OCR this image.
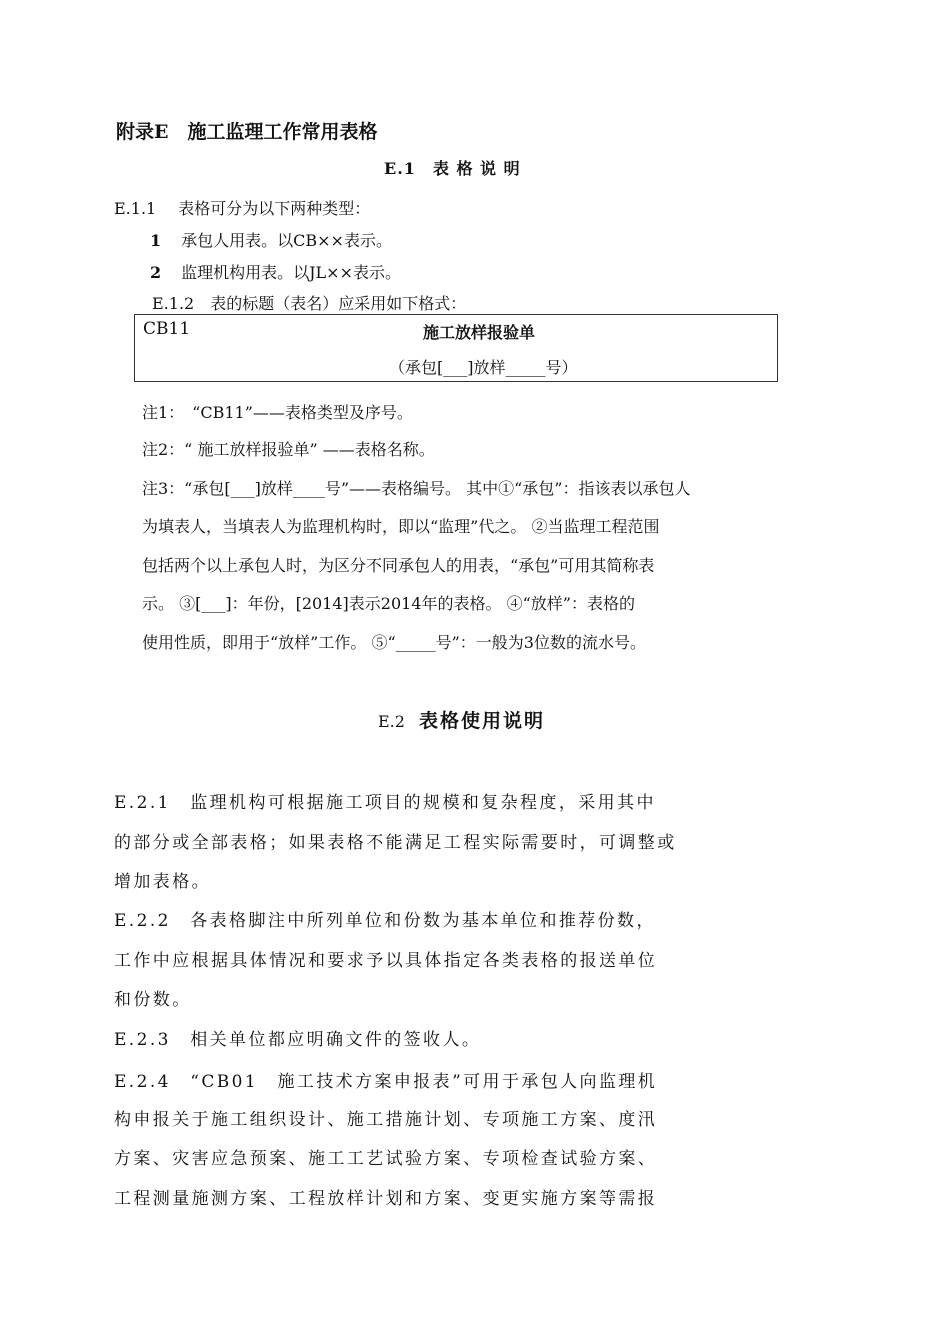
附录E　施工监理工作常用表格
E.1　表 格 说 明
E.1.1 表格可分为以下两种类型：
1 承包人用表。以CB××表示。
2 监理机构用表。以JL××表示。
E.1.2 表的标题（表名）应采用如下格式：
CB11	施工放样报验单
（承包[___]放样_____号）
注1：　“CB11”——表格类型及序号。
注2：“ 施工放样报验单” ——表格名称。
注3：“承包[___]放样____号”——表格编号。 其中①“承包”：指该表以承包人
为填表人，当填表人为监理机构时，即以“监理”代之。 ②当监理工程范围
包括两个以上承包人时，为区分不同承包人的用表，“承包”可用其简称表
示。 ③[___]：年份，[2014]表示2014年的表格。 ④“放样”：表格的
使用性质，即用于“放样”工作。 ⑤“_____号”：一般为3位数的流水号。
E.2 表格使用说明
E.2.1　监理机构可根据施工项目的规模和复杂程度，采用其中
的部分或全部表格；如果表格不能满足工程实际需要时，可调整或
增加表格。
E.2.2　各表格脚注中所列单位和份数为基本单位和推荐份数，
工作中应根据具体情况和要求予以具体指定各类表格的报送单位
和份数。
E.2.3　相关单位都应明确文件的签收人。
E.2.4　“CB01　施工技术方案申报表”可用于承包人向监理机
构申报关于施工组织设计、施工措施计划、专项施工方案、度汛
方案、灾害应急预案、施工工艺试验方案、专项检查试验方案、
工程测量施测方案、工程放样计划和方案、变更实施方案等需报
